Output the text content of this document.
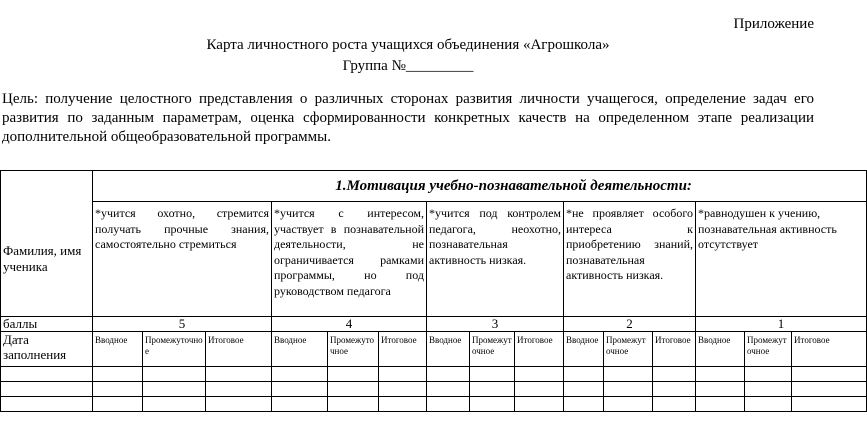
Приложение
Карта личностного роста учащихся объединения «Агрошкола»
Группа №_________

Цель: получение целостного представления о различных сторонах развития личности учащегося, определение задач его

развития по заданным параметрам, оценка сформированности конкретных качеств на определенном этапе реализации

дополнительной общеобразовательной программы.

Фамилия, имя ученика	1.Мотивация учебно-познавательной деятельности:														

	*учится охотно, стремится получать прочные знания, самостоятельно стремиться			*учится с интересом, участвует в познавательной деятельности, не ограничивается рамками программы, но под руководством педагога			*учится под контролем педагога, неохотно, познавательная активность низкая.			*не проявляет особого интереса к приобретению знаний, познавательная активность низкая.			*равнодушен к учению, познавательная активность отсутствует		

баллы	5			4			3			2			1		
Дата заполнения	Вводное	Промежуточное	Итоговое	Вводное	Промежуточное	Итоговое	Вводное	Промежуточное	Итоговое	Вводное	Промежуточное	Итоговое	Вводное	Промежуточное	Итоговое
